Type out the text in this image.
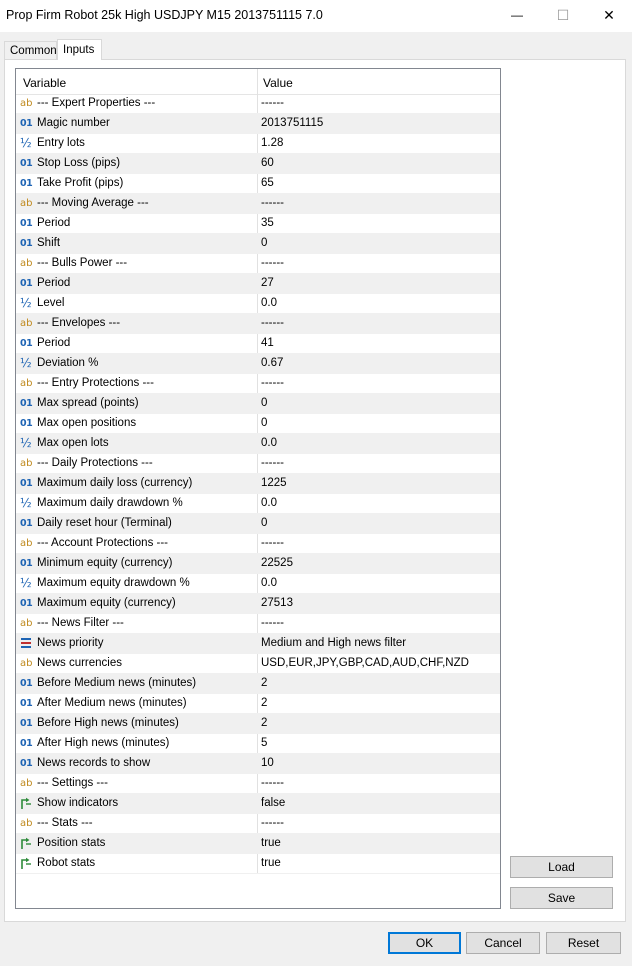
Prop Firm Robot 25k High USDJPY M15 2013751115 7.0	— ☐ ✕
Common Inputs
Variable	Value
ab --- Expert Properties ---	------
01 Magic number	2013751115
½ Entry lots	1.28
01 Stop Loss (pips)	60
01 Take Profit (pips)	65
ab --- Moving Average ---	------
01 Period	35
01 Shift	0
ab --- Bulls Power ---	------
01 Period	27
½ Level	0.0
ab --- Envelopes ---	------
01 Period	41
½ Deviation %	0.67
ab --- Entry Protections ---	------
01 Max spread (points)	0
01 Max open positions	0
½ Max open lots	0.0
ab --- Daily Protections ---	------
01 Maximum daily loss (currency)	1225
½ Maximum daily drawdown %	0.0
01 Daily reset hour (Terminal)	0
ab --- Account Protections ---	------
01 Minimum equity (currency)	22525
½ Maximum equity drawdown %	0.0
01 Maximum equity (currency)	27513
ab --- News Filter ---	------
News priority	Medium and High news filter
ab News currencies	USD,EUR,JPY,GBP,CAD,AUD,CHF,NZD
01 Before Medium news (minutes)	2
01 After Medium news (minutes)	2
01 Before High news (minutes)	2
01 After High news (minutes)	5
01 News records to show	10
ab --- Settings ---	------
Show indicators	false
ab --- Stats ---	------
Position stats	true
Robot stats	true	Load
Save
OK	Cancel	Reset
